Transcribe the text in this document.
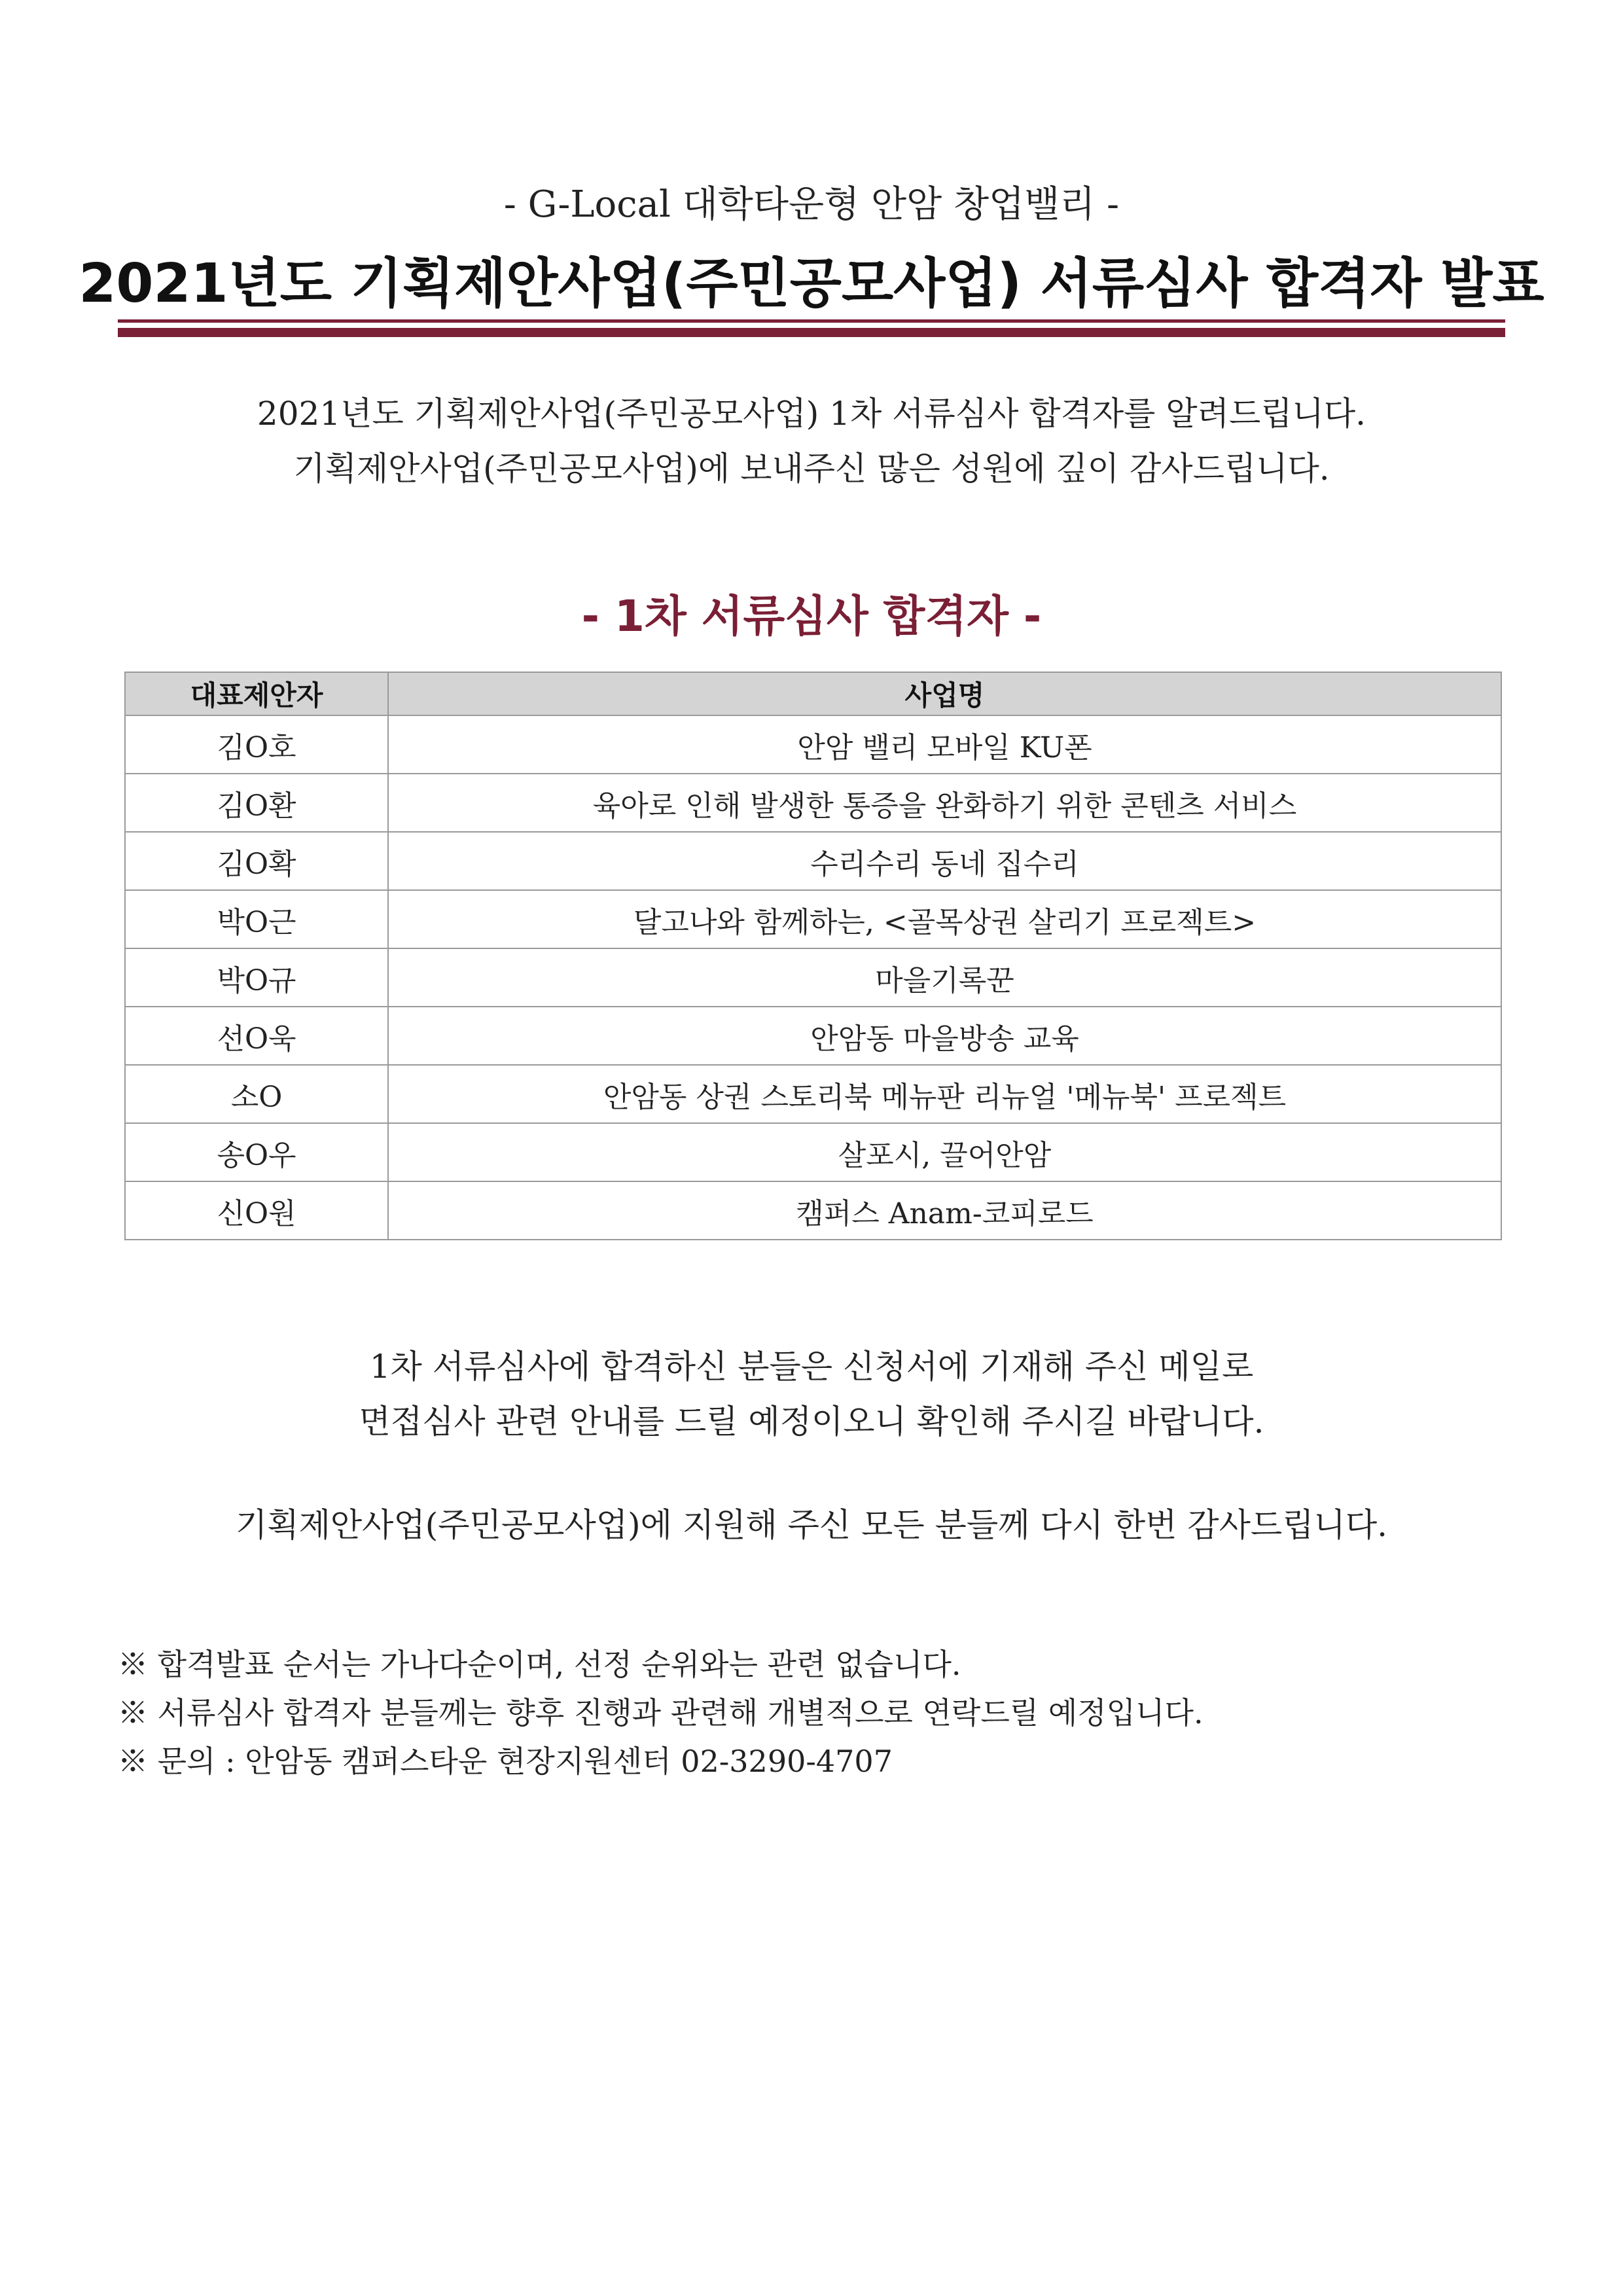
- G-Local 대학타운형 안암 창업밸리 -
2021년도 기획제안사업(주민공모사업) 서류심사 합격자 발표
2021년도 기획제안사업(주민공모사업) 1차 서류심사 합격자를 알려드립니다.
기획제안사업(주민공모사업)에 보내주신 많은 성원에 깊이 감사드립니다.
- 1차 서류심사 합격자 -
대표제안자	사업명
김O호	안암 밸리 모바일 KU폰
김O환	육아로 인해 발생한 통증을 완화하기 위한 콘텐츠 서비스
김O확	수리수리 동네 집수리
박O근	달고나와 함께하는, <골목상권 살리기 프로젝트>
박O규	마을기록꾼
선O욱	안암동 마을방송 교육
소O	안암동 상권 스토리북 메뉴판 리뉴얼 '메뉴북' 프로젝트
송O우	살포시, 끌어안암
신O원	캠퍼스 Anam-코피로드
1차 서류심사에 합격하신 분들은 신청서에 기재해 주신 메일로
면접심사 관련 안내를 드릴 예정이오니 확인해 주시길 바랍니다.
기획제안사업(주민공모사업)에 지원해 주신 모든 분들께 다시 한번 감사드립니다.
※ 합격발표 순서는 가나다순이며, 선정 순위와는 관련 없습니다.
※ 서류심사 합격자 분들께는 향후 진행과 관련해 개별적으로 연락드릴 예정입니다.
※ 문의 : 안암동 캠퍼스타운 현장지원센터 02-3290-4707
